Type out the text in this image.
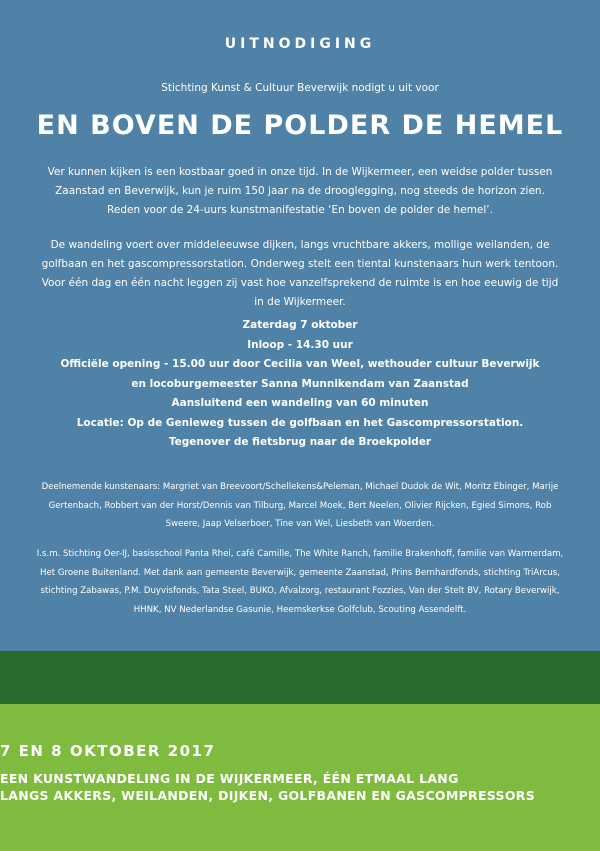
UITNODIGING
Stichting Kunst & Cultuur Beverwijk nodigt u uit voor
EN BOVEN DE POLDER DE HEMEL
Ver kunnen kijken is een kostbaar goed in onze tijd. In de Wijkermeer, een weidse polder tussen Zaanstad en Beverwijk, kun je ruim 150 jaar na de drooglegging, nog steeds de horizon zien. Reden voor de 24-uurs kunstmanifestatie ‘En boven de polder de hemel’.
De wandeling voert over middeleeuwse dijken, langs vruchtbare akkers, mollige weilanden, de golfbaan en het gascompressorstation. Onderweg stelt een tiental kunstenaars hun werk tentoon. Voor één dag en één nacht leggen zij vast hoe vanzelfsprekend de ruimte is en hoe eeuwig de tijd in de Wijkermeer.
Zaterdag 7 oktober
Inloop - 14.30 uur
Officiële opening - 15.00 uur door Cecilia van Weel, wethouder cultuur Beverwijk
en locoburgemeester Sanna Munnikendam van Zaanstad
Aansluitend een wandeling van 60 minuten
Locatie: Op de Genieweg tussen de golfbaan en het Gascompressorstation.
Tegenover de fietsbrug naar de Broekpolder
Deelnemende kunstenaars: Margriet van Breevoort/Schellekens&Peleman, Michael Dudok de Wit, Moritz Ebinger, Marije Gertenbach, Robbert van der Horst/Dennis van Tilburg, Marcel Moek, Bert Neelen, Olivier Rijcken, Egied Simons, Rob Sweere, Jaap Velserboer, Tine van Wel, Liesbeth van Woerden.
I.s.m. Stichting Oer-IJ, basisschool Panta Rhei, café Camille, The White Ranch, familie Brakenhoff, familie van Warmerdam, Het Groene Buitenland. Met dank aan gemeente Beverwijk, gemeente Zaanstad, Prins Bernhardfonds, stichting TriArcus, stichting Zabawas, P.M. Duyvisfonds, Tata Steel, BUKO, Afvalzorg, restaurant Fozzies, Van der Stelt BV, Rotary Beverwijk, HHNK, NV Nederlandse Gasunie, Heemskerkse Golfclub, Scouting Assendelft.
7 EN 8 OKTOBER 2017
EEN KUNSTWANDELING IN DE WIJKERMEER, ÉÉN ETMAAL LANG
LANGS AKKERS, WEILANDEN, DIJKEN, GOLFBANEN EN GASCOMPRESSORS
